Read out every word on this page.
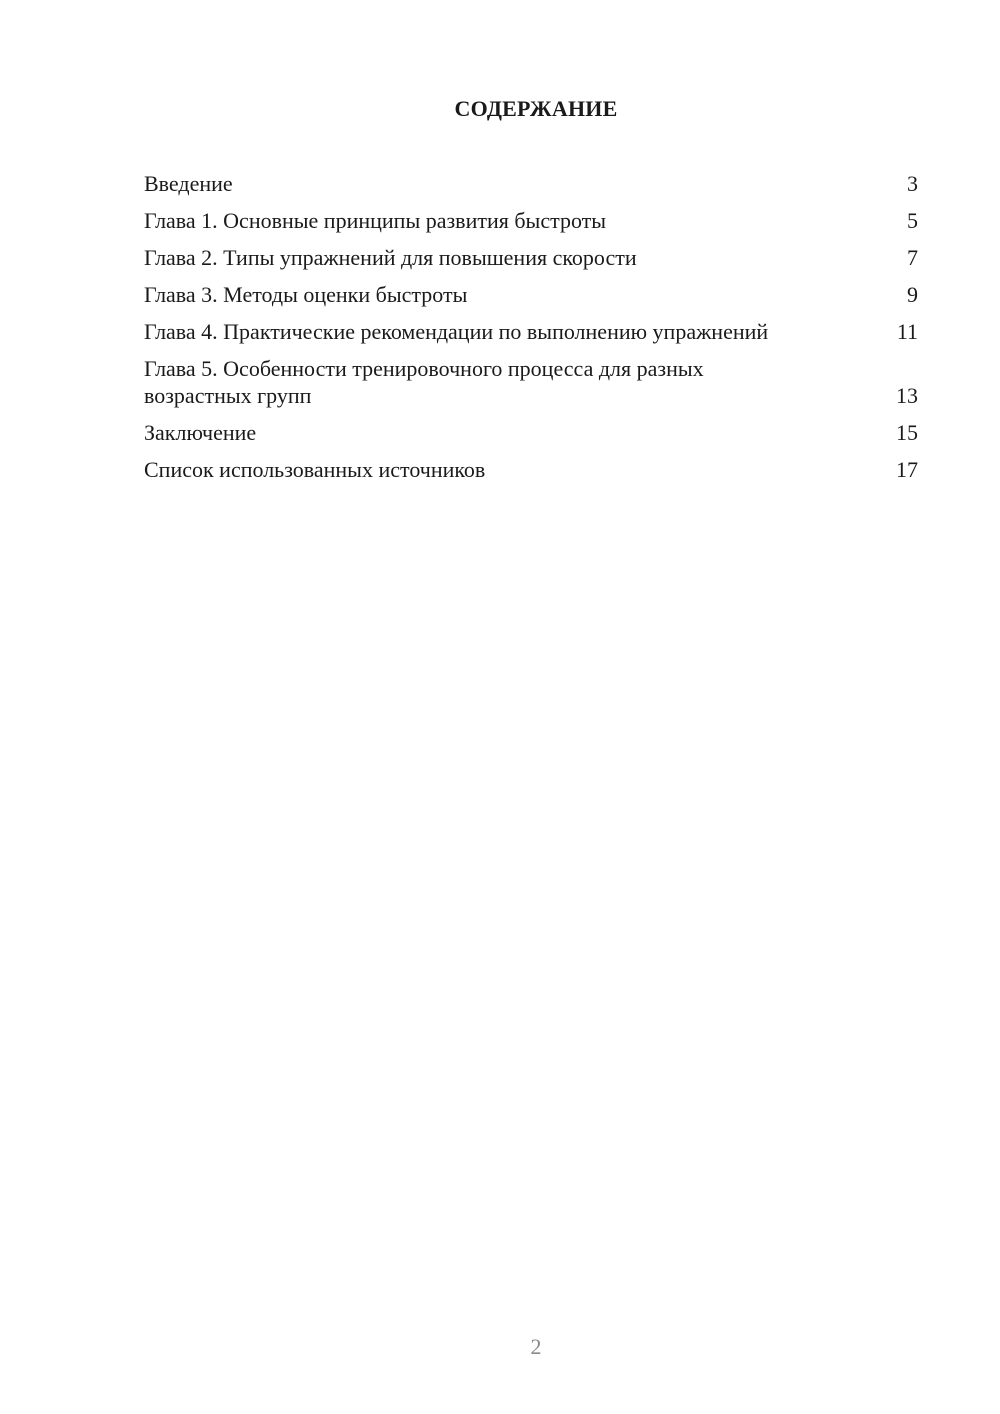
СОДЕРЖАНИЕ
Введение	3
Глава 1. Основные принципы развития быстроты	5
Глава 2. Типы упражнений для повышения скорости	7
Глава 3. Методы оценки быстроты	9
Глава 4. Практические рекомендации по выполнению упражнений	11
Глава 5. Особенности тренировочного процесса для разных возрастных групп	13
Заключение	15
Список использованных источников	17
2
